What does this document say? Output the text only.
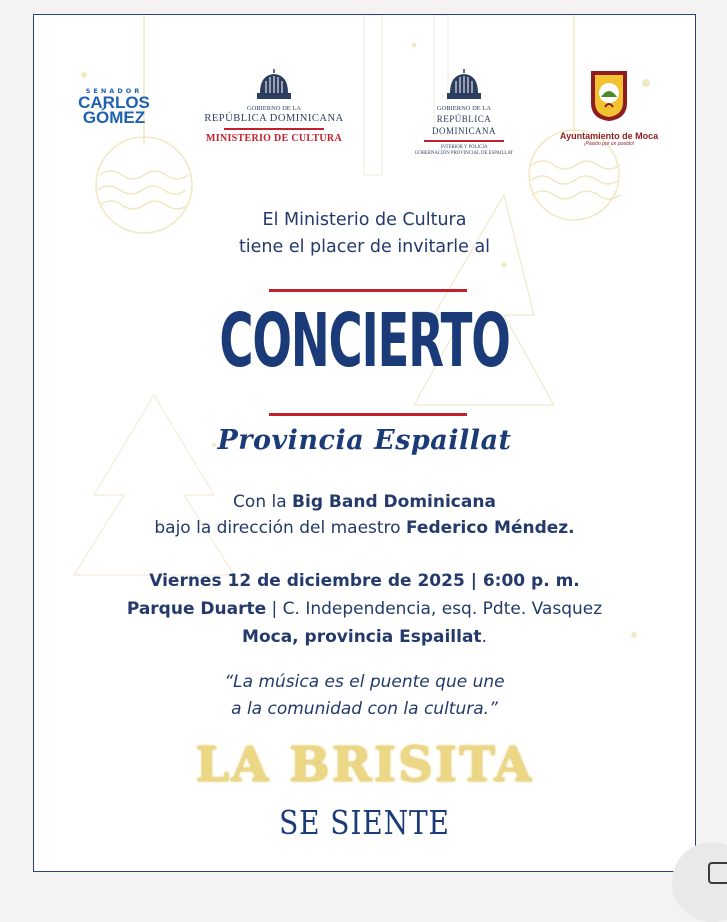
SENADOR
CARLOS
GÓMEZ	GOBIERNO DE LA
REPÚBLICA DOMINICANA
MINISTERIO DE CULTURA
GOBIERNO DE LA
REPÚBLICA DOMINICANA
INTERIOR Y POLICÍA
GOBERNACIÓN PROVINCIAL DE ESPAILLAT
Ayuntamiento de Moca
¡Pasión por un pueblo!
El Ministerio de Cultura
tiene el placer de invitarle al
CONCIERTO
Provincia Espaillat
Con la Big Band Dominicana
bajo la dirección del maestro Federico Méndez.
Viernes 12 de diciembre de 2025 | 6:00 p. m.
Parque Duarte | C. Independencia, esq. Pdte. Vasquez
Moca, provincia Espaillat.
“La música es el puente que une
a la comunidad con la cultura.”
LA BRISITA
SE SIENTE
